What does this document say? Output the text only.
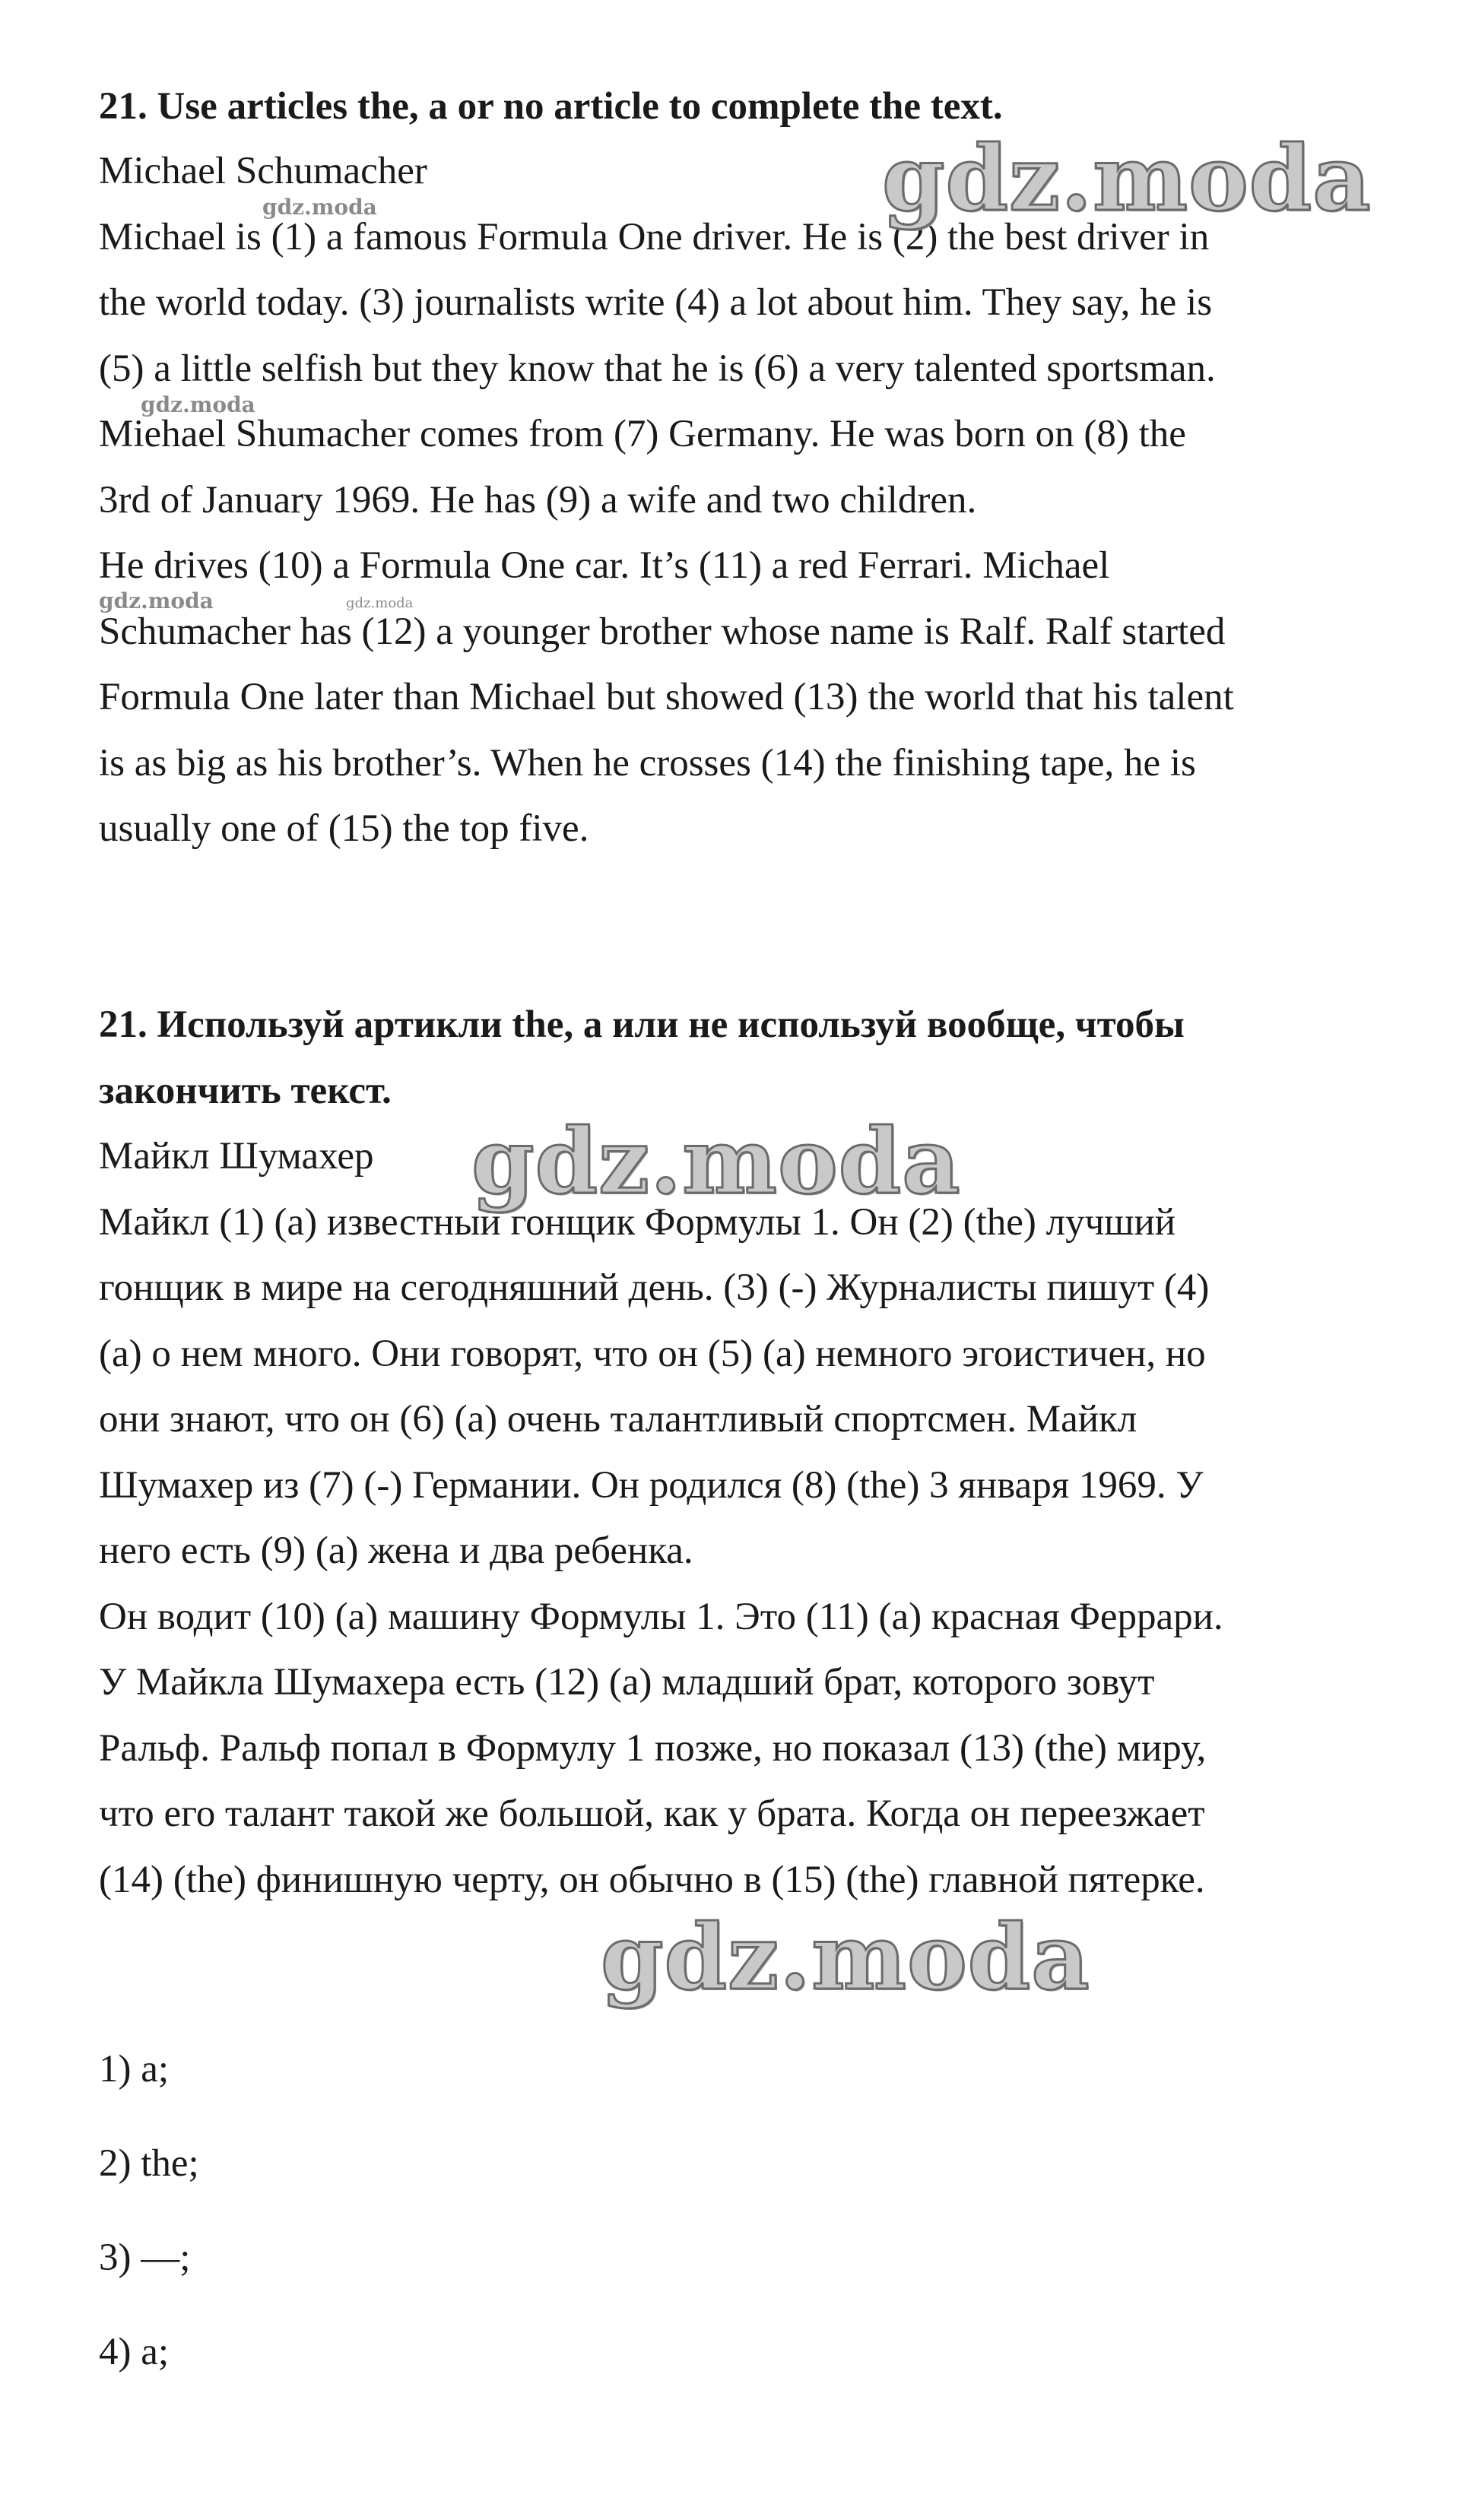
21. Use articles the, a or no article to complete the text.
Michael Schumacher
Michael is (1) a famous Formula One driver. He is (2) the best driver in
the world today. (3) journalists write (4) a lot about him. They say, he is
(5) a little selfish but they know that he is (6) a very talented sportsman.
Miehael Shumacher comes from (7) Germany. He was born on (8) the
3rd of January 1969. He has (9) a wife and two children.
He drives (10) a Formula One car. It’s (11) a red Ferrari. Michael
Schumacher has (12) a younger brother whose name is Ralf. Ralf started
Formula One later than Michael but showed (13) the world that his talent
is as big as his brother’s. When he crosses (14) the finishing tape, he is
usually one of (15) the top five.
21. Используй артикли the, а или не используй вообще, чтобы
закончить текст.
Майкл Шумахер
Майкл (1) (а) известный гонщик Формулы 1. Он (2) (the) лучший
гонщик в мире на сегодняшний день. (3) (-) Журналисты пишут (4)
(а) о нем много. Они говорят, что он (5) (а) немного эгоистичен, но
они знают, что он (6) (а) очень талантливый спортсмен. Майкл
Шумахер из (7) (-) Германии. Он родился (8) (the) 3 января 1969. У
него есть (9) (а) жена и два ребенка.
Он водит (10) (а) машину Формулы 1. Это (11) (а) красная Феррари.
У Майкла Шумахера есть (12) (а) младший брат, которого зовут
Ральф. Ральф попал в Формулу 1 позже, но показал (13) (the) миру,
что его талант такой же большой, как у брата. Когда он переезжает
(14) (the) финишную черту, он обычно в (15) (the) главной пятерке.
1) a;
2) the;
3) —;
4) a;
gdz.moda
gdz.moda
gdz.moda
gdz.moda
gdz.moda
gdz.moda	gdz.moda
